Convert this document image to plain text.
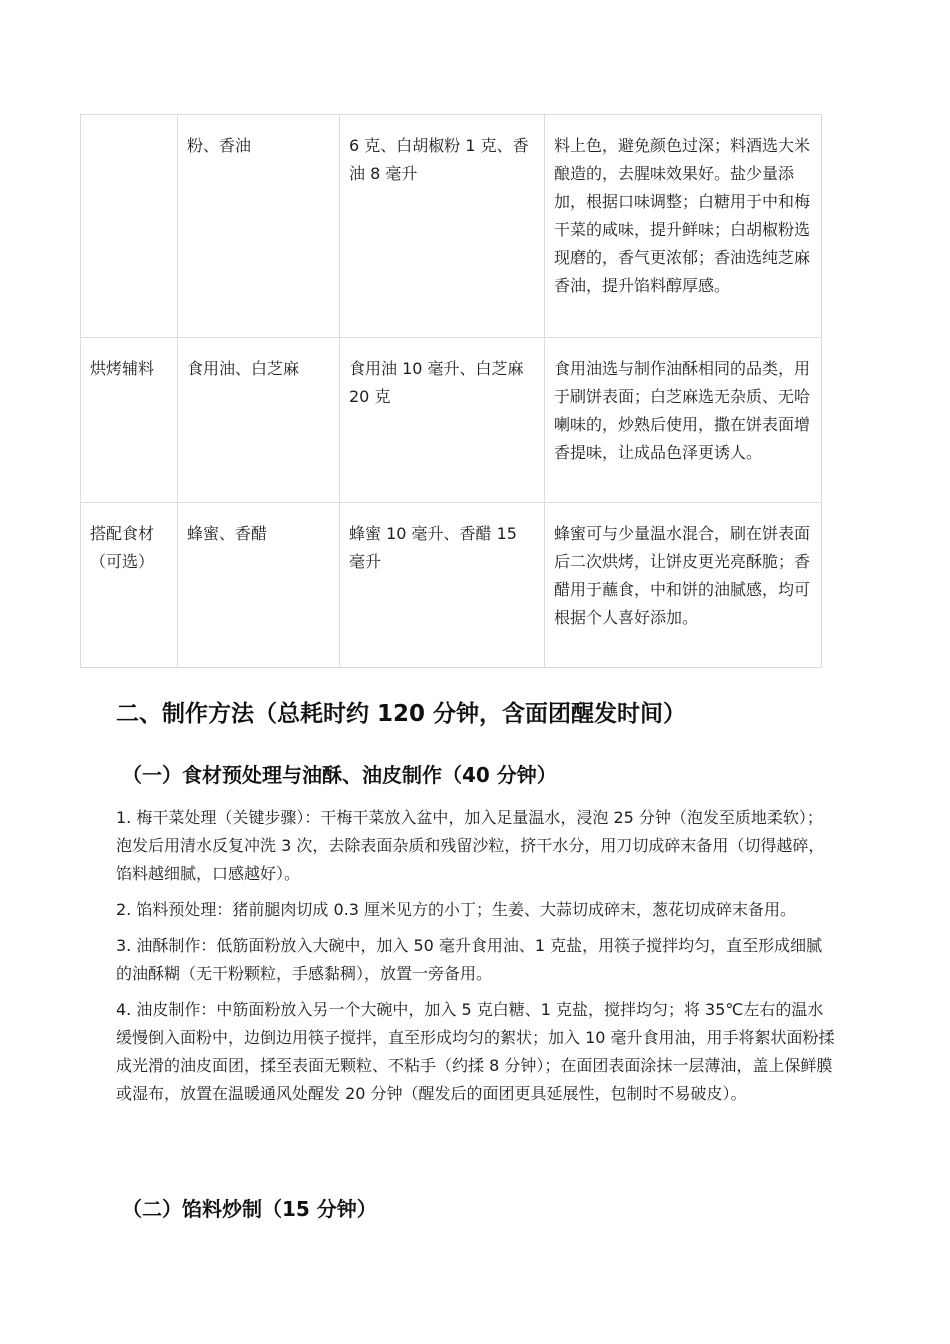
	粉、香油	6 克、白胡椒粉 1 克、香油 8 毫升	料上色，避免颜色过深；料酒选大米酿造的，去腥味效果好。盐少量添加，根据口味调整；白糖用于中和梅干菜的咸味，提升鲜味；白胡椒粉选现磨的，香气更浓郁；香油选纯芝麻香油，提升馅料醇厚感。
烘烤辅料	食用油、白芝麻	食用油 10 毫升、白芝麻 20 克	食用油选与制作油酥相同的品类，用于刷饼表面；白芝麻选无杂质、无哈喇味的，炒熟后使用，撒在饼表面增香提味，让成品色泽更诱人。
搭配食材（可选）	蜂蜜、香醋	蜂蜜 10 毫升、香醋 15 毫升	蜂蜜可与少量温水混合，刷在饼表面后二次烘烤，让饼皮更光亮酥脆；香醋用于蘸食，中和饼的油腻感，均可根据个人喜好添加。
二、制作方法（总耗时约 120 分钟，含面团醒发时间）
（一）食材预处理与油酥、油皮制作（40 分钟）

1. 梅干菜处理（关键步骤）：干梅干菜放入盆中，加入足量温水，浸泡 25 分钟（泡发至质地柔软）；泡发后用清水反复冲洗 3 次，去除表面杂质和残留沙粒，挤干水分，用刀切成碎末备用（切得越碎，馅料越细腻，口感越好）。

2. 馅料预处理：猪前腿肉切成 0.3 厘米见方的小丁；生姜、大蒜切成碎末，葱花切成碎末备用。

3. 油酥制作：低筋面粉放入大碗中，加入 50 毫升食用油、1 克盐，用筷子搅拌均匀，直至形成细腻的油酥糊（无干粉颗粒，手感黏稠），放置一旁备用。

4. 油皮制作：中筋面粉放入另一个大碗中，加入 5 克白糖、1 克盐，搅拌均匀；将 35℃左右的温水缓慢倒入面粉中，边倒边用筷子搅拌，直至形成均匀的絮状；加入 10 毫升食用油，用手将絮状面粉揉成光滑的油皮面团，揉至表面无颗粒、不粘手（约揉 8 分钟）；在面团表面涂抹一层薄油，盖上保鲜膜或湿布，放置在温暖通风处醒发 20 分钟（醒发后的面团更具延展性，包制时不易破皮）。

（二）馅料炒制（15 分钟）
